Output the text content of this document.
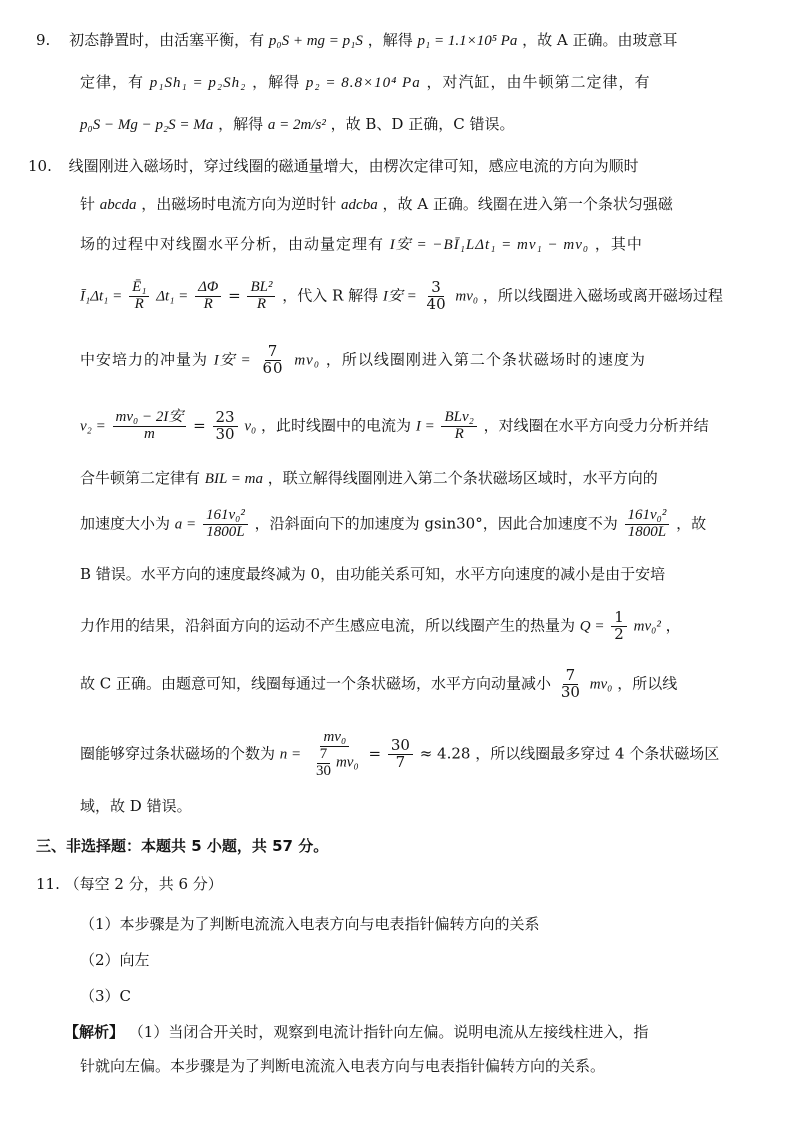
9. 初态静置时，由活塞平衡，有 p₀S + mg = p₁S ，解得 p₁ = 1.1×10⁵ Pa ，故 A 正确。由玻意耳
定律，有 p₁Sh₁ = p₂Sh₂ ，解得 p₂ = 8.8×10⁴ Pa ，对汽缸，由牛顿第二定律，有
p₀S − Mg − p₂S = Ma ，解得 a = 2m/s² ，故 B、D 正确，C 错误。
10. 线圈刚进入磁场时，穿过线圈的磁通量增大，由楞次定律可知，感应电流的方向为顺时
针 abcda ，出磁场时电流方向为逆时针 adcba ，故 A 正确。线圈在进入第一个条状匀强磁
场的过程中对线圈水平分析，由动量定理有 I安 = −BĪ₁LΔt₁ = mv₁ − mv₀ ，其中
Ī₁Δt₁ = $\frac{\text{Ē₁}}{R} \Delta t_1 = \frac{\Delta\Phi}{R} = \frac{\text{BL²}}{R}$ ，代入 R 解得 I安 = $\frac{3}{40} mv_0$ ，所以线圈进入磁场或离开磁场过程
中安培力的冲量为 I安 = $\frac{7}{60} mv_0$ ，所以线圈刚进入第二个条状磁场时的速度为
$v_2 = \frac{\text{mv₀ − 2I安}}{m} = \frac{23}{30} v_0$ ，此时线圈中的电流为 $I = \frac{\text{BLv₂}}{R}$ ，对线圈在水平方向受力分析并结
合牛顿第二定律有 BIL = ma ，联立解得线圈刚进入第二个条状磁场区域时，水平方向的
加速度大小为 $a = \frac{\text{161v₀²}}{1800L}$ ，沿斜面向下的加速度为 gsin30°，因此合加速度不为 $\frac{\text{161v₀²}}{1800L}$ ，故
B 错误。水平方向的速度最终减为 0，由功能关系可知，水平方向速度的减小是由于安培
力作用的结果，沿斜面方向的运动不产生感应电流，所以线圈产生的热量为 $Q = \frac{1}{2} mv_0^2$ ，
故 C 正确。由题意可知，线圈每通过一个条状磁场，水平方向动量减小 $\frac{7}{30} mv_0$ ，所以线
圈能够穿过条状磁场的个数为 $n = \frac{\text{mv₀}}{\frac{7}{30} mv_0} = \frac{30}{7} \approx 4.28$ ，所以线圈最多穿过 4 个条状磁场区
域，故 D 错误。
三、非选择题：本题共 5 小题，共 57 分。
11. （每空 2 分，共 6 分）
（1）本步骤是为了判断电流流入电表方向与电表指针偏转方向的关系
（2）向左
（3）C
【解析】 （1）当闭合开关时，观察到电流计指针向左偏。说明电流从左接线柱进入，指
针就向左偏。本步骤是为了判断电流流入电表方向与电表指针偏转方向的关系。
